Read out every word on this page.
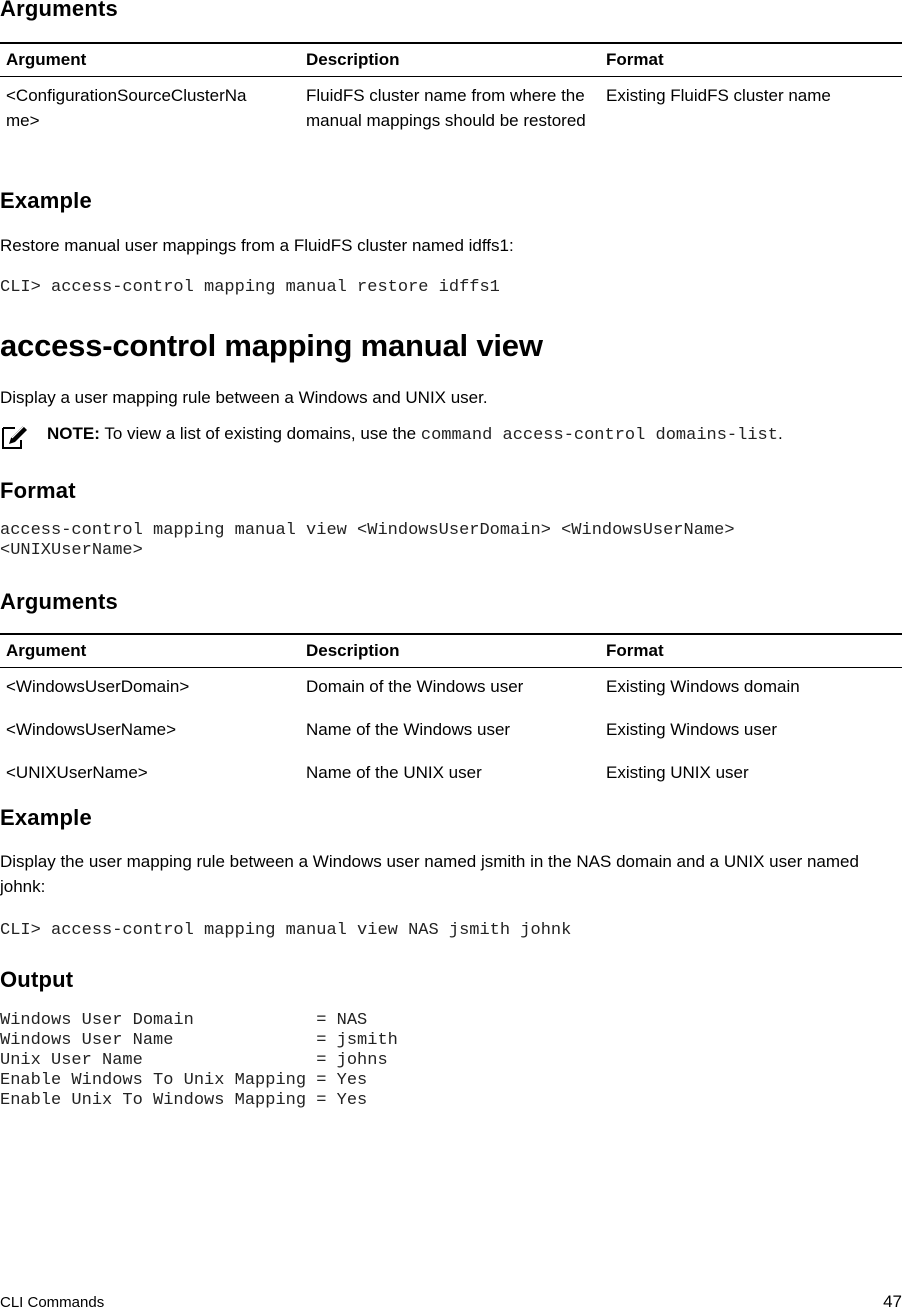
Arguments
Argument	Description	Format
<ConfigurationSourceClusterNa
me>	FluidFS cluster name from where the manual mappings should be restored	Existing FluidFS cluster name
Example
Restore manual user mappings from a FluidFS cluster named idffs1:
CLI> access-control mapping manual restore idffs1
access-control mapping manual view
Display a user mapping rule between a Windows and UNIX user.
NOTE: To view a list of existing domains, use the command access-control domains-list.
Format
access-control mapping manual view <WindowsUserDomain> <WindowsUserName>
<UNIXUserName>
Arguments
Argument	Description	Format
<WindowsUserDomain>	Domain of the Windows user	Existing Windows domain
<WindowsUserName>	Name of the Windows user	Existing Windows user
<UNIXUserName>	Name of the UNIX user	Existing UNIX user
Example
Display the user mapping rule between a Windows user named jsmith in the NAS domain and a UNIX user named johnk:
CLI> access-control mapping manual view NAS jsmith johnk
Output
Windows User Domain            = NAS
Windows User Name              = jsmith
Unix User Name                 = johns
Enable Windows To Unix Mapping = Yes
Enable Unix To Windows Mapping = Yes
CLI Commands	47
